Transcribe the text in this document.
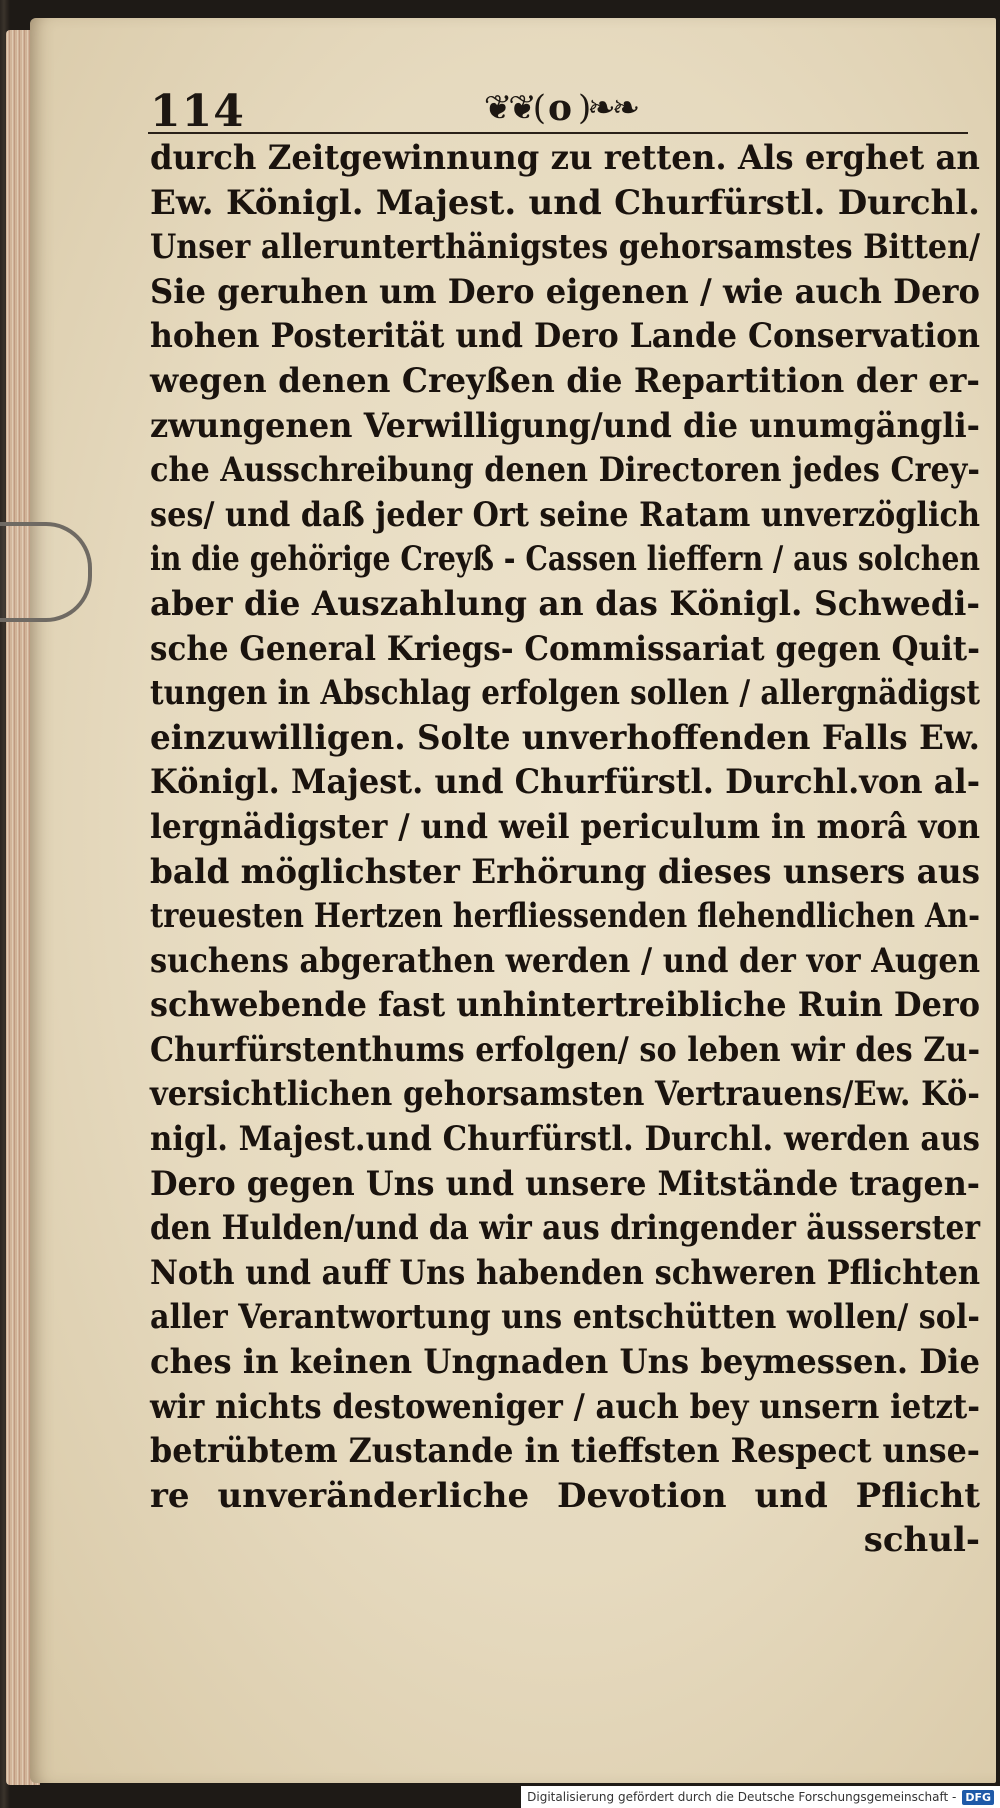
114	❦❦( o )❧❧
durch Zeitgewinnung zu retten. Als erghet an
Ew. Königl. Majest. und Churfürstl. Durchl.
Unser allerunterthänigstes gehorsamstes Bitten/
Sie geruhen um Dero eigenen / wie auch Dero
hohen Posterität und Dero Lande Conservation
wegen denen Creyßen die Repartition der er-
zwungenen Verwilligung/und die unumgängli-
che Ausschreibung denen Directoren jedes Crey-
ses/ und daß jeder Ort seine Ratam unverzöglich
in die gehörige Creyß - Cassen lieffern / aus solchen
aber die Auszahlung an das Königl. Schwedi-
sche General Kriegs- Commissariat gegen Quit-
tungen in Abschlag erfolgen sollen / allergnädigst
einzuwilligen. Solte unverhoffenden Falls Ew.
Königl. Majest. und Churfürstl. Durchl.von al-
lergnädigster / und weil periculum in morâ von
bald möglichster Erhörung dieses unsers aus
treuesten Hertzen herfliessenden flehendlichen An-
suchens abgerathen werden / und der vor Augen
schwebende fast unhintertreibliche Ruin Dero
Churfürstenthums erfolgen/ so leben wir des Zu-
versichtlichen gehorsamsten Vertrauens/Ew. Kö-
nigl. Majest.und Churfürstl. Durchl. werden aus
Dero gegen Uns und unsere Mitstände tragen-
den Hulden/und da wir aus dringender äusserster
Noth und auff Uns habenden schweren Pflichten
aller Verantwortung uns entschütten wollen/ sol-
ches in keinen Ungnaden Uns beymessen. Die
wir nichts destoweniger / auch bey unsern ietzt-
betrübtem Zustande in tieffsten Respect unse-
re unveränderliche Devotion und Pflicht
schul-
Digitalisierung gefördert durch die Deutsche Forschungsgemeinschaft - DFG
